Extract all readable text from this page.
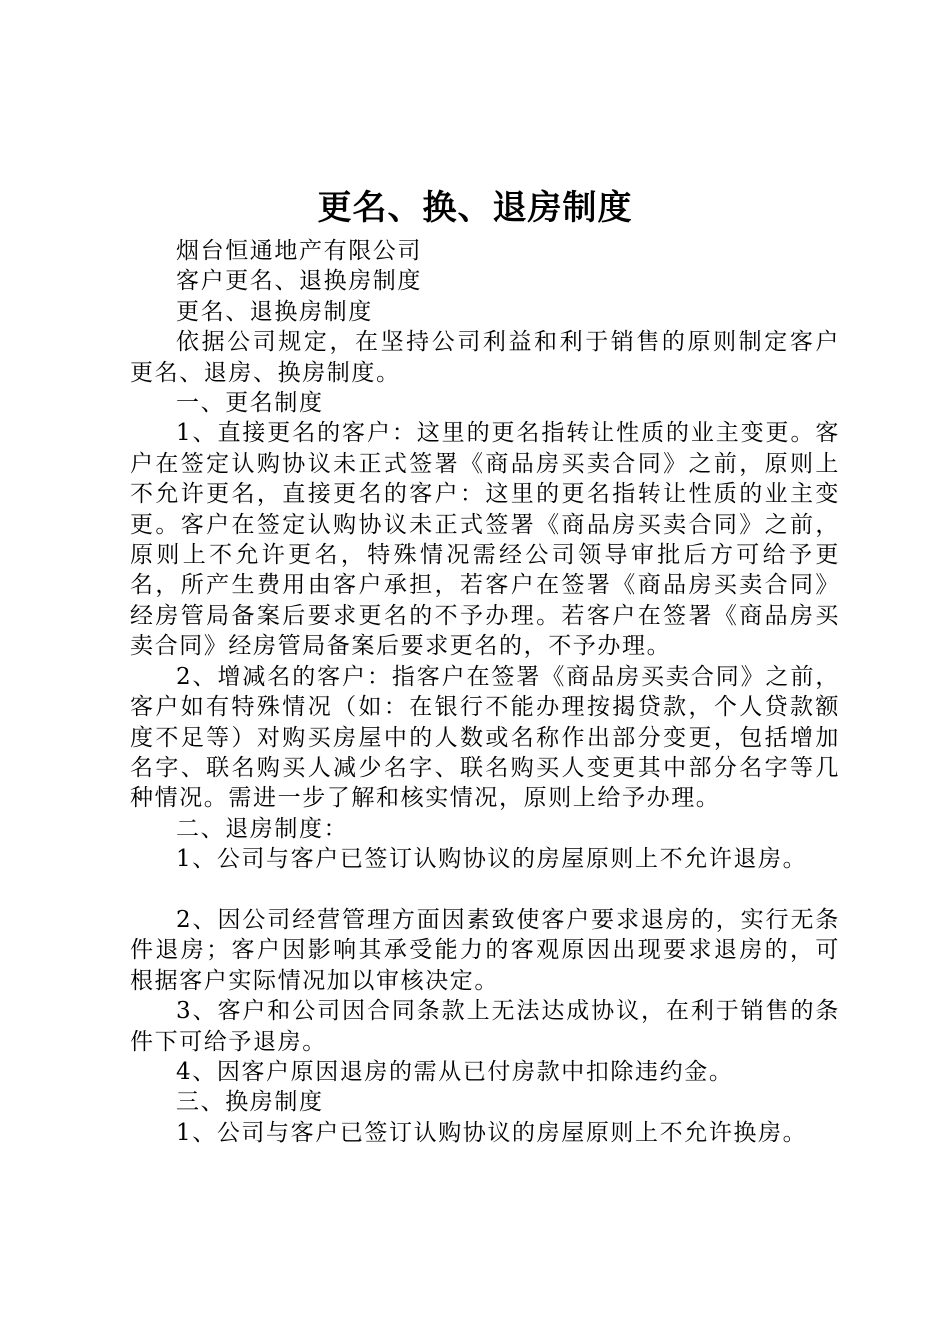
更名、换、退房制度

烟台恒通地产有限公司

客户更名、退换房制度

更名、退换房制度

依据公司规定，在坚持公司利益和利于销售的原则制定客户更名、退房、换房制度。

一、更名制度

1、直接更名的客户：这里的更名指转让性质的业主变更。客户在签定认购协议未正式签署《商品房买卖合同》之前，原则上不允许更名，直接更名的客户：这里的更名指转让性质的业主变更。客户在签定认购协议未正式签署《商品房买卖合同》之前，原则上不允许更名，特殊情况需经公司领导审批后方可给予更名，所产生费用由客户承担，若客户在签署《商品房买卖合同》经房管局备案后要求更名的不予办理。若客户在签署《商品房买卖合同》经房管局备案后要求更名的，不予办理。

2、增减名的客户：指客户在签署《商品房买卖合同》之前，客户如有特殊情况（如：在银行不能办理按揭贷款，个人贷款额度不足等）对购买房屋中的人数或名称作出部分变更，包括增加名字、联名购买人减少名字、联名购买人变更其中部分名字等几种情况。需进一步了解和核实情况，原则上给予办理。

二、退房制度：

1、公司与客户已签订认购协议的房屋原则上不允许退房。

2、因公司经营管理方面因素致使客户要求退房的，实行无条件退房；客户因影响其承受能力的客观原因出现要求退房的，可根据客户实际情况加以审核决定。

3、客户和公司因合同条款上无法达成协议，在利于销售的条件下可给予退房。

4、因客户原因退房的需从已付房款中扣除违约金。

三、换房制度

1、公司与客户已签订认购协议的房屋原则上不允许换房。
